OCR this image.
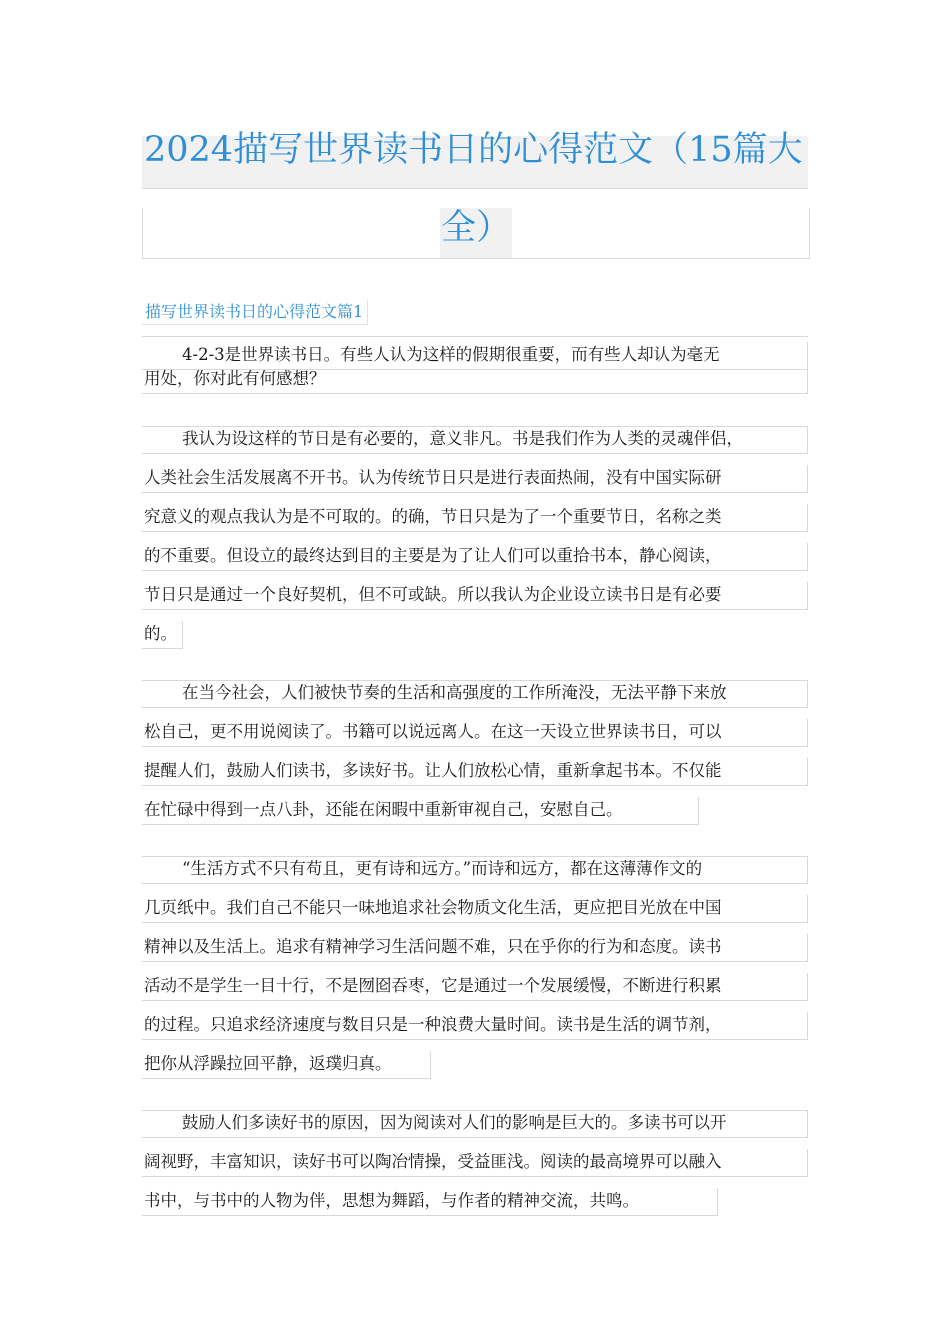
2024描写世界读书日的心得范文（15篇大
全）
描写世界读书日的心得范文篇1
4-2-3是世界读书日。有些人认为这样的假期很重要，而有些人却认为毫无
用处，你对此有何感想？
我认为设这样的节日是有必要的，意义非凡。书是我们作为人类的灵魂伴侣，
人类社会生活发展离不开书。认为传统节日只是进行表面热闹，没有中国实际研
究意义的观点我认为是不可取的。的确，节日只是为了一个重要节日，名称之类
的不重要。但设立的最终达到目的主要是为了让人们可以重拾书本，静心阅读，
节日只是通过一个良好契机，但不可或缺。所以我认为企业设立读书日是有必要
的。
在当今社会，人们被快节奏的生活和高强度的工作所淹没，无法平静下来放
松自己，更不用说阅读了。书籍可以说远离人。在这一天设立世界读书日，可以
提醒人们，鼓励人们读书，多读好书。让人们放松心情，重新拿起书本。不仅能
在忙碌中得到一点八卦，还能在闲暇中重新审视自己，安慰自己。
“生活方式不只有苟且，更有诗和远方。”而诗和远方，都在这薄薄作文的
几页纸中。我们自己不能只一味地追求社会物质文化生活，更应把目光放在中国
精神以及生活上。追求有精神学习生活问题不难，只在乎你的行为和态度。读书
活动不是学生一目十行，不是囫囵吞枣，它是通过一个发展缓慢，不断进行积累
的过程。只追求经济速度与数目只是一种浪费大量时间。读书是生活的调节剂，
把你从浮躁拉回平静，返璞归真。
鼓励人们多读好书的原因，因为阅读对人们的影响是巨大的。多读书可以开
阔视野，丰富知识，读好书可以陶冶情操，受益匪浅。阅读的最高境界可以融入
书中，与书中的人物为伴，思想为舞蹈，与作者的精神交流，共鸣。
